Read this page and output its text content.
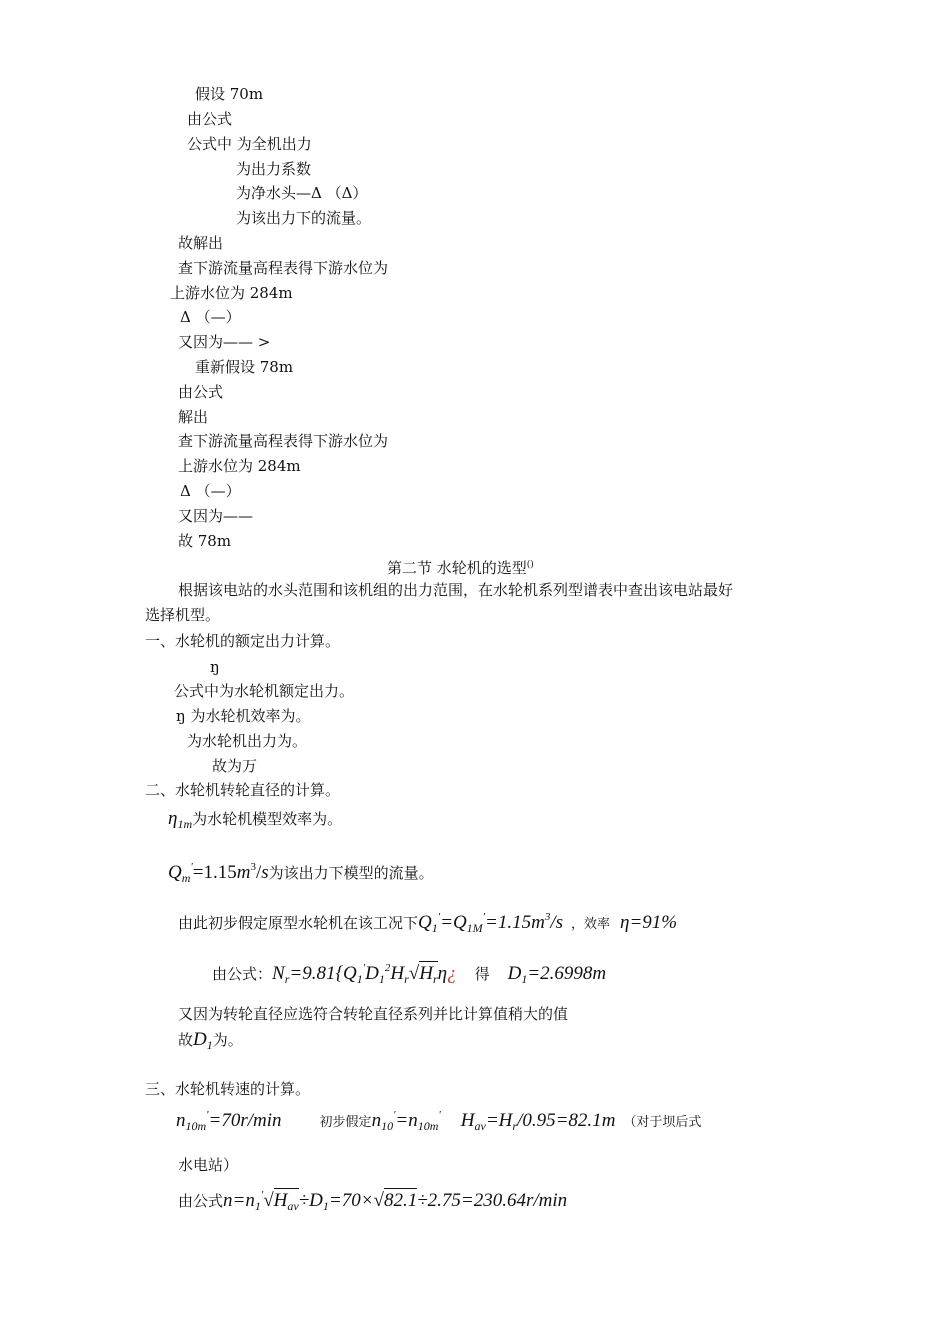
假设 70m
由公式
公式中 为全机出力
为出力系数
为净水头—Δ （Δ）
为该出力下的流量。
故解出
查下游流量高程表得下游水位为
上游水位为 284m
Δ （—）
又因为—— >
重新假设 78m
由公式
解出
查下游流量高程表得下游水位为
上游水位为 284m
Δ （—）
又因为——
故 78m
第二节 水轮机的选型()
根据该电站的水头范围和该机组的出力范围，在水轮机系列型谱表中查出该电站最好
选择机型。
一、水轮机的额定出力计算。
ŋ
公式中为水轮机额定出力。
ŋ 为水轮机效率为。
为水轮机出力为。
故为万
二、水轮机转轮直径的计算。
$\eta_{1m}$为水轮机模型效率为。
$Q_m'=1.15m^3/s$为该出力下模型的流量。
由此初步假定原型水轮机在该工况下$Q_1'=Q_{1M}'=1.15m^3/s$ ，效率 η=91%
由公式：$N_r=9.81\{Q_1'D_1^2H_r√H_r\eta¿$ 得 $D_1=2.6998m$
又因为转轮直径应选符合转轮直径系列并比计算值稍大的值
故$D_1$为。
三、水轮机转速的计算。
$n_{10m}'=70r/\min$	初步假定$n_{10}'=n_{10m}'$ $H_{av}=H_r/0.95=82.1m$ （对于坝后式
水电站）
由公式$n=n_1'√H_{av}\div D_1=70\times√82.1\div 2.75=230.64r/\min$
